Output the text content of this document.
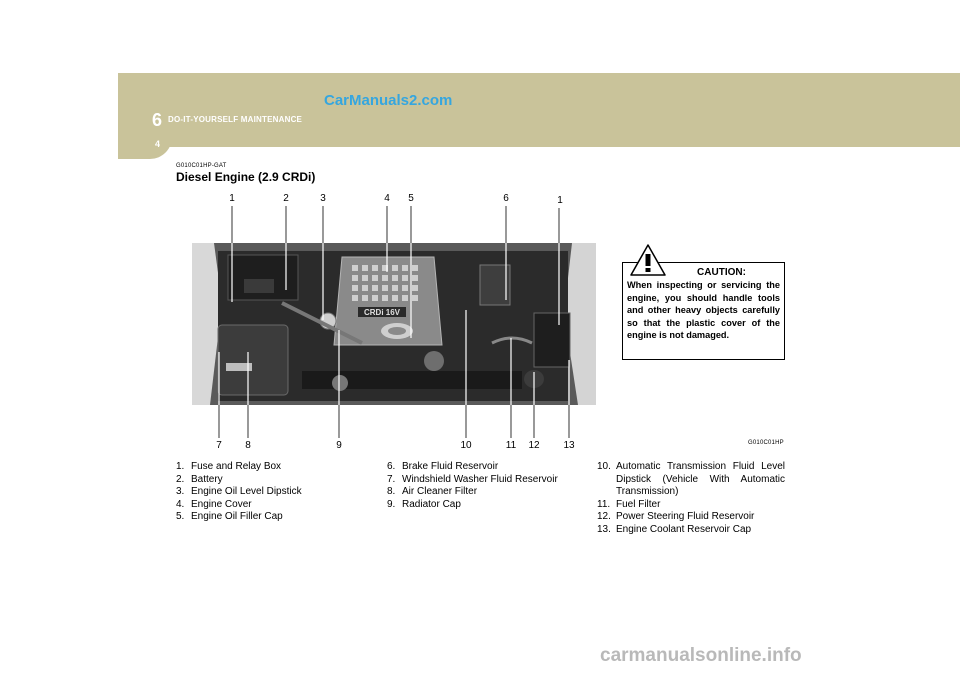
6 DO-IT-YOURSELF MAINTENANCE
4
CarManuals2.com
G010C01HP-GAT
Diesel Engine (2.9 CRDi)
1	2	3	4	5	6	1
CRDi 16V
7	8	9	10	11	12	13
CAUTION:
When inspecting or servicing the engine, you should handle tools and other heavy objects carefully so that the plastic cover of the engine is not damaged.
G010C01HP
1. Fuse and Relay Box
2. Battery
3. Engine Oil Level Dipstick
4. Engine Cover
5. Engine Oil Filler Cap
6. Brake Fluid Reservoir
7. Windshield Washer Fluid Reservoir
8. Air Cleaner Filter
9. Radiator Cap
10. Automatic Transmission Fluid Level Dipstick (Vehicle With Automatic Transmission)
11. Fuel Filter
12. Power Steering Fluid Reservoir
13. Engine Coolant Reservoir Cap
carmanualsonline.info
